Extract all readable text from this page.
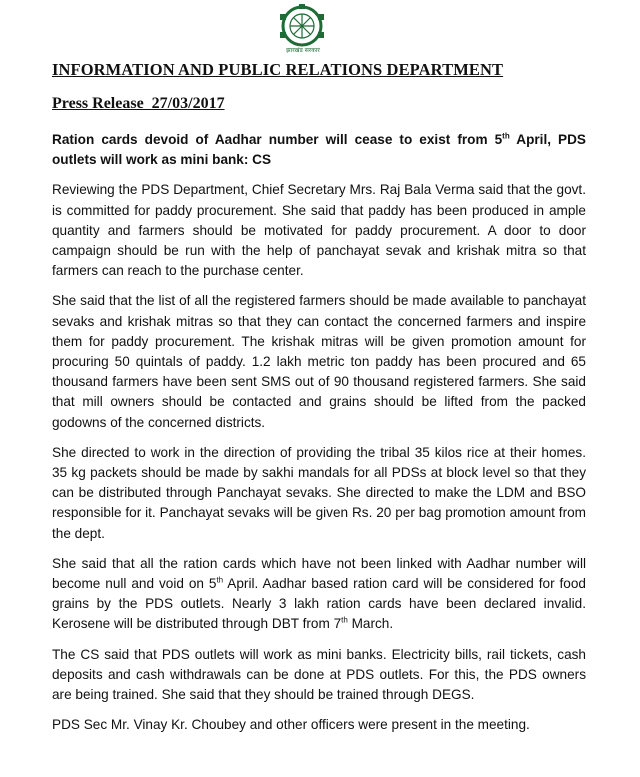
झारखंड सरकार
INFORMATION AND PUBLIC RELATIONS DEPARTMENT
Press Release  27/03/2017

Ration cards devoid of Aadhar number will cease to exist from 5th April, PDS outlets will work as mini bank: CS

Reviewing the PDS Department, Chief Secretary Mrs. Raj Bala Verma said that the govt. is committed for paddy procurement. She said that paddy has been produced in ample quantity and farmers should be motivated for paddy procurement. A door to door campaign should be run with the help of panchayat sevak and krishak mitra so that farmers can reach to the purchase center.

She said that the list of all the registered farmers should be made available to panchayat sevaks and krishak mitras so that they can contact the concerned farmers and inspire them for paddy procurement. The krishak mitras will be given promotion amount for procuring 50 quintals of paddy. 1.2 lakh metric ton paddy has been procured and 65 thousand farmers have been sent SMS out of 90 thousand registered farmers. She said that mill owners should be contacted and grains should be lifted from the packed godowns of the concerned districts.

She directed to work in the direction of providing the tribal 35 kilos rice at their homes. 35 kg packets should be made by sakhi mandals for all PDSs at block level so that they can be distributed through Panchayat sevaks. She directed to make the LDM and BSO responsible for it. Panchayat sevaks will be given Rs. 20 per bag promotion amount from the dept.

She said that all the ration cards which have not been linked with Aadhar number will become null and void on 5th April. Aadhar based ration card will be considered for food grains by the PDS outlets. Nearly 3 lakh ration cards have been declared invalid. Kerosene will be distributed through DBT from 7th March.

The CS said that PDS outlets will work as mini banks. Electricity bills, rail tickets, cash deposits and cash withdrawals can be done at PDS outlets. For this, the PDS owners are being trained. She said that they should be trained through DEGS.

PDS Sec Mr. Vinay Kr. Choubey and other officers were present in the meeting.
